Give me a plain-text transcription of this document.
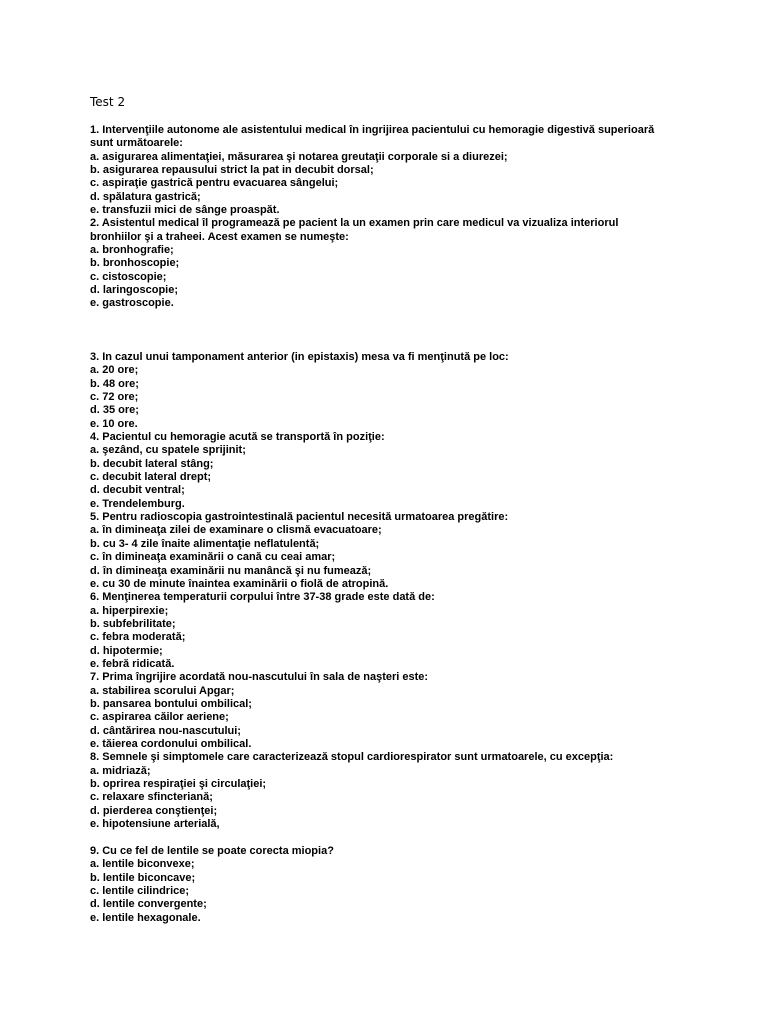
Test 2
1. Intervenţiile autonome ale asistentului medical în ingrijirea pacientului cu hemoragie digestivă superioară
sunt următoarele:
a. asigurarea alimentaţiei, măsurarea şi notarea greutaţii corporale si a diurezei;
b. asigurarea repausului strict la pat in decubit dorsal;
c. aspiraţie gastrică pentru evacuarea sângelui;
d. spălatura gastrică;
e. transfuzii mici de sânge proaspăt.
2. Asistentul medical îl programează pe pacient la un examen prin care medicul va vizualiza interiorul
bronhiilor şi a traheei. Acest examen se numeşte:
a. bronhografie;
b. bronhoscopie;
c. cistoscopie;
d. laringoscopie;
e. gastroscopie.
3. In cazul unui tamponament anterior (in epistaxis) mesa va fi menţinută pe loc:
a. 20 ore;
b. 48 ore;
c. 72 ore;
d. 35 ore;
e. 10 ore.
4. Pacientul cu hemoragie acută se transportă în poziţie:
a. şezând, cu spatele sprijinit;
b. decubit lateral stâng;
c. decubit lateral drept;
d. decubit ventral;
e. Trendelemburg.
5. Pentru radioscopia gastrointestinală pacientul necesită urmatoarea pregătire:
a. în dimineaţa zilei de examinare o clismă evacuatoare;
b. cu 3- 4 zile înaite alimentaţie neflatulentă;
c. în dimineaţa examinării o cană cu ceai amar;
d. în dimineaţa examinării nu manâncă şi nu fumează;
e. cu 30 de minute înaintea examinării o fiolă de atropină.
6. Menţinerea temperaturii corpului între 37-38 grade este dată de:
a. hiperpirexie;
b. subfebrilitate;
c. febra moderată;
d. hipotermie;
e. febră ridicată.
7. Prima îngrijire acordată nou-nascutului în sala de naşteri este:
a. stabilirea scorului Apgar;
b. pansarea bontului ombilical;
c. aspirarea căilor aeriene;
d. cântărirea nou-nascutului;
e. tăierea cordonului ombilical.
8. Semnele şi simptomele care caracterizează stopul cardiorespirator sunt urmatoarele, cu excepţia:
a. midriază;
b. oprirea respiraţiei şi circulaţiei;
c. relaxare sfincteriană;
d. pierderea conştienţei;
e. hipotensiune arterială,
9. Cu ce fel de lentile se poate corecta miopia?
a. lentile biconvexe;
b. lentile biconcave;
c. lentile cilindrice;
d. lentile convergente;
e. lentile hexagonale.
